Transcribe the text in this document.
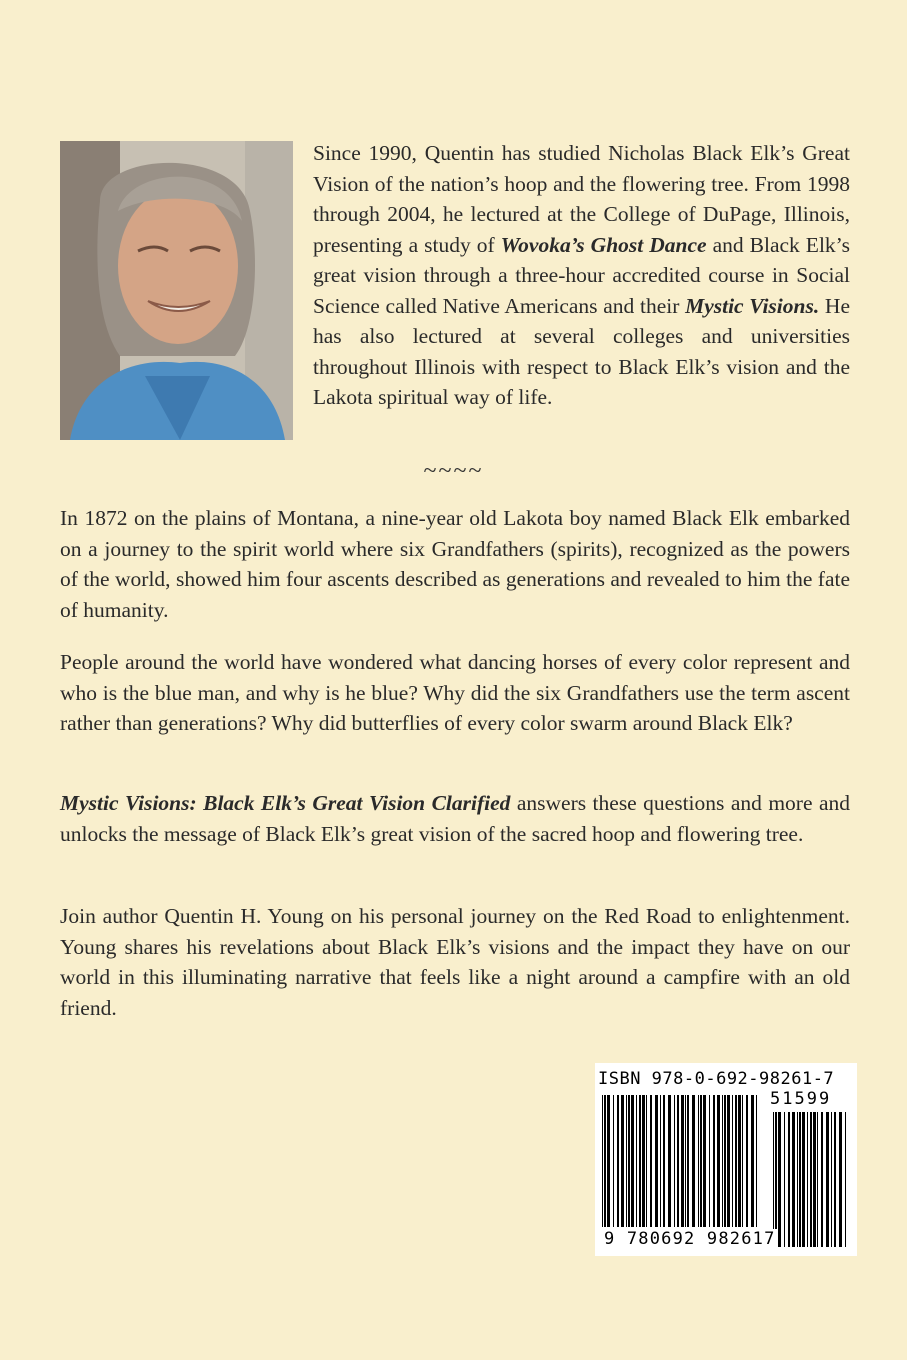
Since 1990, Quentin has studied Nicholas Black Elk’s Great Vision of the nation’s hoop and the flowering tree. From 1998 through 2004, he lectured at the College of DuPage, Illinois, presenting a study of Wovoka’s Ghost Dance and Black Elk’s great vision through a three-hour accredited course in Social Science called Native Americans and their Mystic Visions. He has also lectured at several colleges and universities throughout Illinois with respect to Black Elk’s vision and the Lakota spiritual way of life.

~~~~

In 1872 on the plains of Montana, a nine-year old Lakota boy named Black Elk embarked on a journey to the spirit world where six Grandfathers (spirits), recognized as the powers of the world, showed him four ascents described as generations and revealed to him the fate of humanity.

People around the world have wondered what dancing horses of every color represent and who is the blue man, and why is he blue? Why did the six Grandfathers use the term ascent rather than generations? Why did butterflies of every color swarm around Black Elk?

Mystic Visions: Black Elk’s Great Vision Clarified answers these questions and more and unlocks the message of Black Elk’s great vision of the sacred hoop and flowering tree.

Join author Quentin H. Young on his personal journey on the Red Road to enlightenment. Young shares his revelations about Black Elk’s visions and the impact they have on our world in this illuminating narrative that feels like a night around a campfire with an old friend.

ISBN 978-0-692-98261-7
51599
9 780692 982617
